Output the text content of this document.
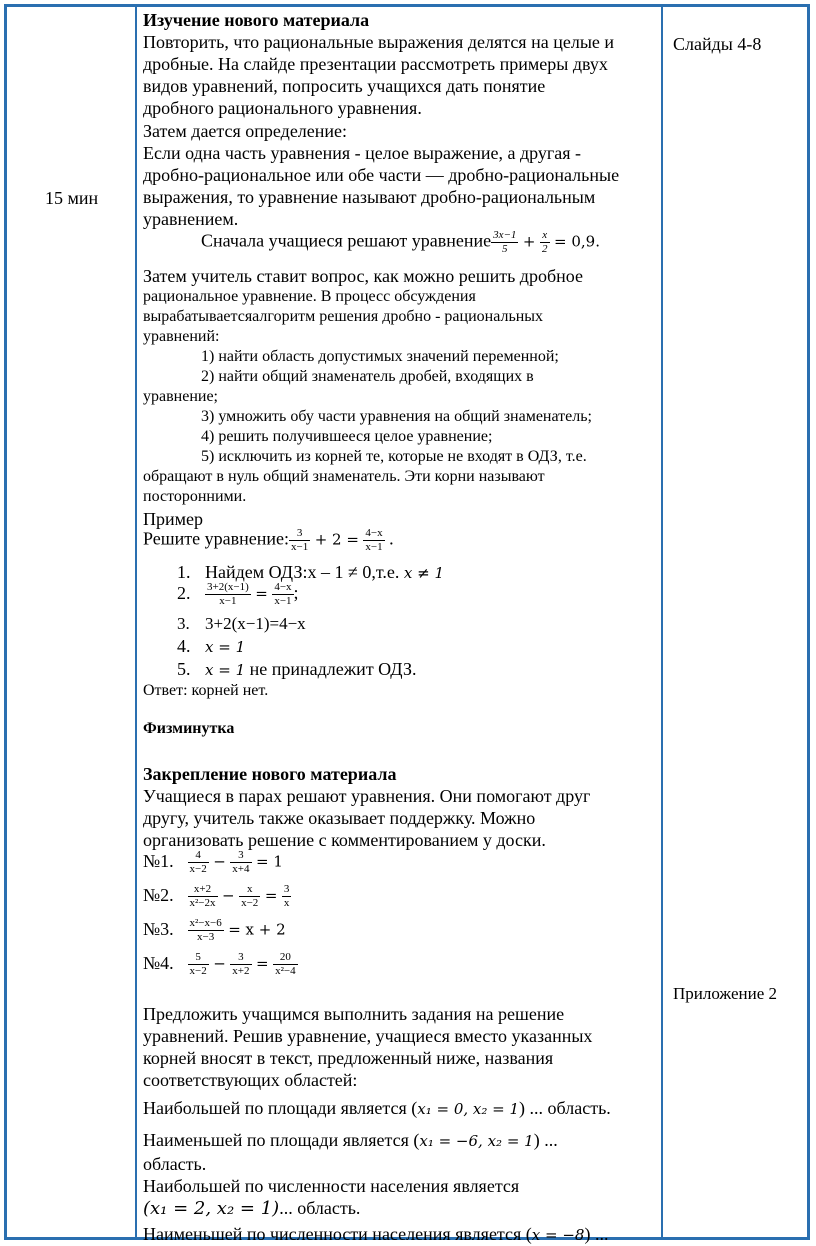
15 мин
Слайды 4-8
Приложение 2
Изучение нового материала
Повторить, что рациональные выражения делятся на целые и
дробные. На слайде презентации рассмотреть примеры двух
видов уравнений, попросить учащихся дать понятие
дробного рационального уравнения.
Затем дается определение:
Если одна часть уравнения - целое выражение, а другая -
дробно-рациональное или обе части — дробно-рациональные
выражения, то уравнение называют дробно-рациональным
уравнением.
Сначала учащиеся решают уравнение $\frac{3x-1}{5} + \frac{x}{2} = 0,9$.
Затем учитель ставит вопрос, как можно решить дробное
рациональное уравнение. В процесс обсуждения
вырабатываетсяалгоритм решения дробно - рациональных
уравнений:
1) найти область допустимых значений переменной;
2) найти общий знаменатель дробей, входящих в
уравнение;
3) умножить обу части уравнения на общий знаменатель;
4) решить получившееся целое уравнение;
5) исключить из корней те, которые не входят в ОДЗ, т.е.
обращают в нуль общий знаменатель. Эти корни называют
посторонними.
Пример
Решите уравнение: $\frac{3}{x-1} + 2 = \frac{4-x}{x-1}$ .
1. Найдем ОДЗ:x – 1 ≠ 0,т.е. x ≠ 1
2. $\frac{3+2(x-1)}{x-1} = \frac{4-x}{x-1}$ ;
3. 3+2(x−1)=4−x
4. x = 1
5. x = 1 не принадлежит ОДЗ.
Ответ: корней нет.
Физминутка
Закрепление нового материала
Учащиеся в парах решают уравнения. Они помогают друг
другу, учитель также оказывает поддержку. Можно
организовать решение с комментированием у доски.
№1. $\frac{4}{x-2} - \frac{3}{x+4} = 1$
№2. $\frac{x+2}{\text{x²−2x}} - \frac{x}{x-2} = \frac{3}{x}$
№3. $\frac{\text{x²−x−6}}{x-3} = x + 2$
№4. $\frac{5}{x-2} - \frac{3}{x+2} = \frac{20}{\text{x²−4}}$
Предложить учащимся выполнить задания на решение
уравнений. Решив уравнение, учащиеся вместо указанных
корней вносят в текст, предложенный ниже, названия
соответствующих областей:
Наибольшей по площади является (x₁ = 0, x₂ = 1) ... область.
Наименьшей по площади является (x₁ = −6, x₂ = 1) ...
область.
Наибольшей по численности населения является
(x₁ = 2, x₂ = 1)... область.
Наименьшей по численности населения является (x = −8) ...
